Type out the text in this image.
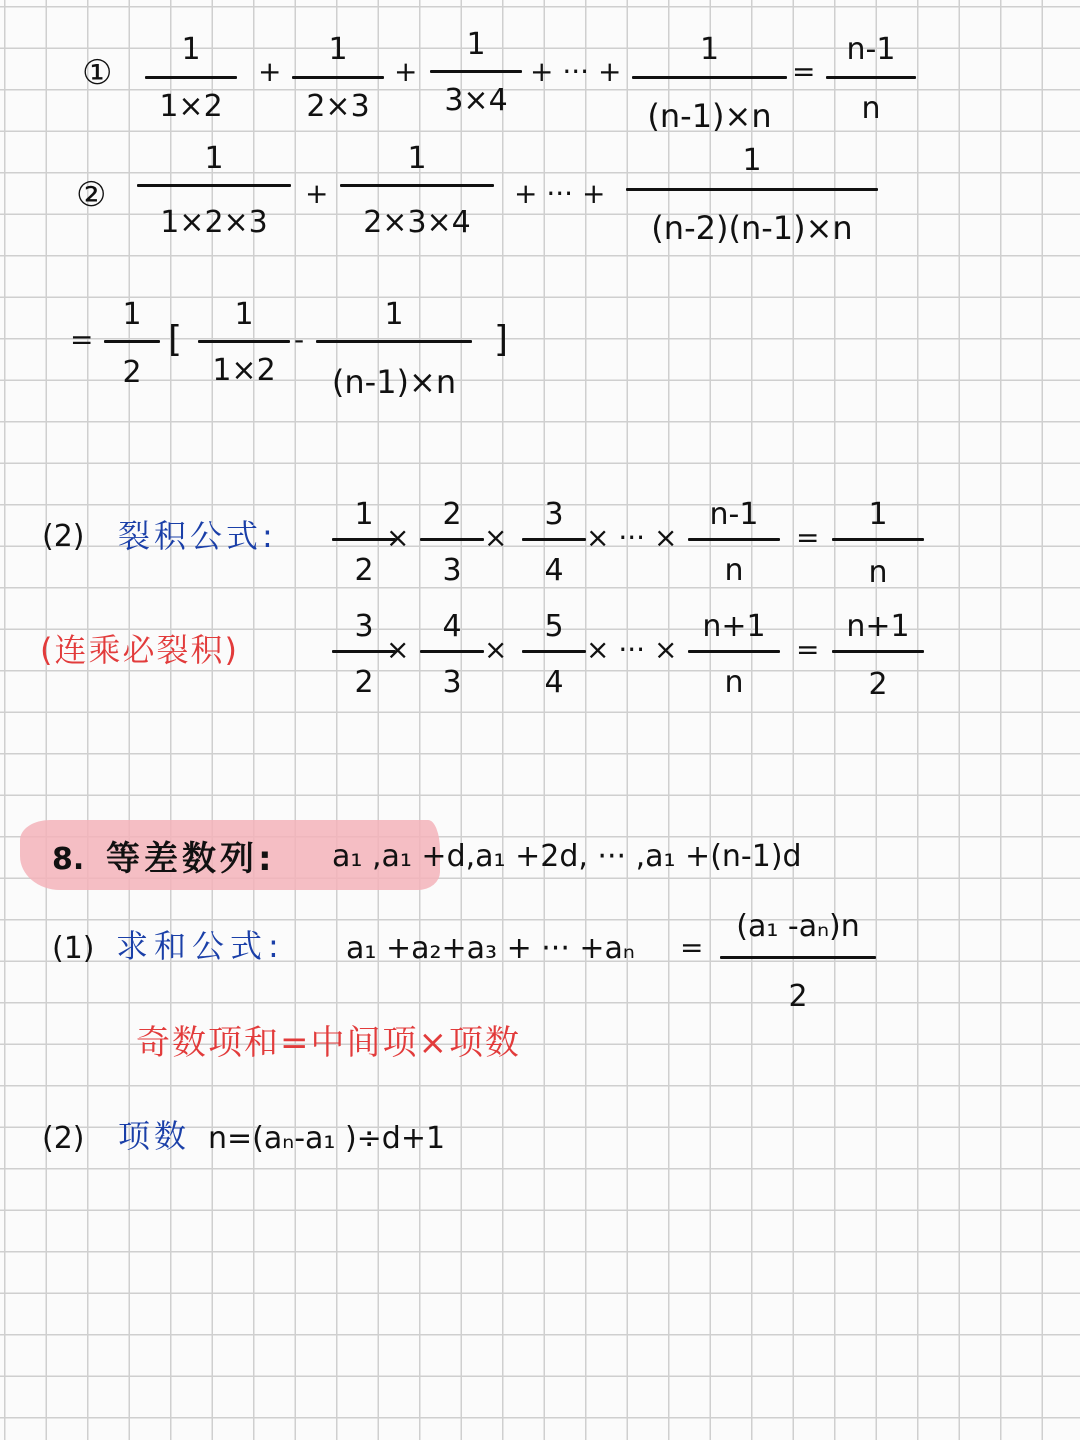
①
1
1×2
+
1
2×3
+
1
3×4
+ ··· +
1
(n-1)×n
=
n-1
n
②
1
1×2×3
+
1
2×3×4
+ ··· +
1
(n-2)(n-1)×n
=
1
2
[
1
1×2
-
1
(n-1)×n
]
(2) 裂积公式:
1
2
2
3
3
4
n-1
n
×	×	× ··· ×	=
1
n
(连乘必裂积)
3
2
4
3
5
4
n+1
n
×	×	× ··· ×	=
n+1
2
8. 等差数列: a₁ ,a₁ +d,a₁ +2d, ··· ,a₁ +(n-1)d
(1) 求和公式: a₁ +a₂+a₃ + ··· +aₙ =
(a₁ -aₙ)n
2
奇数项和=中间项×项数
(2) 项数 n=(aₙ-a₁ )÷d+1
